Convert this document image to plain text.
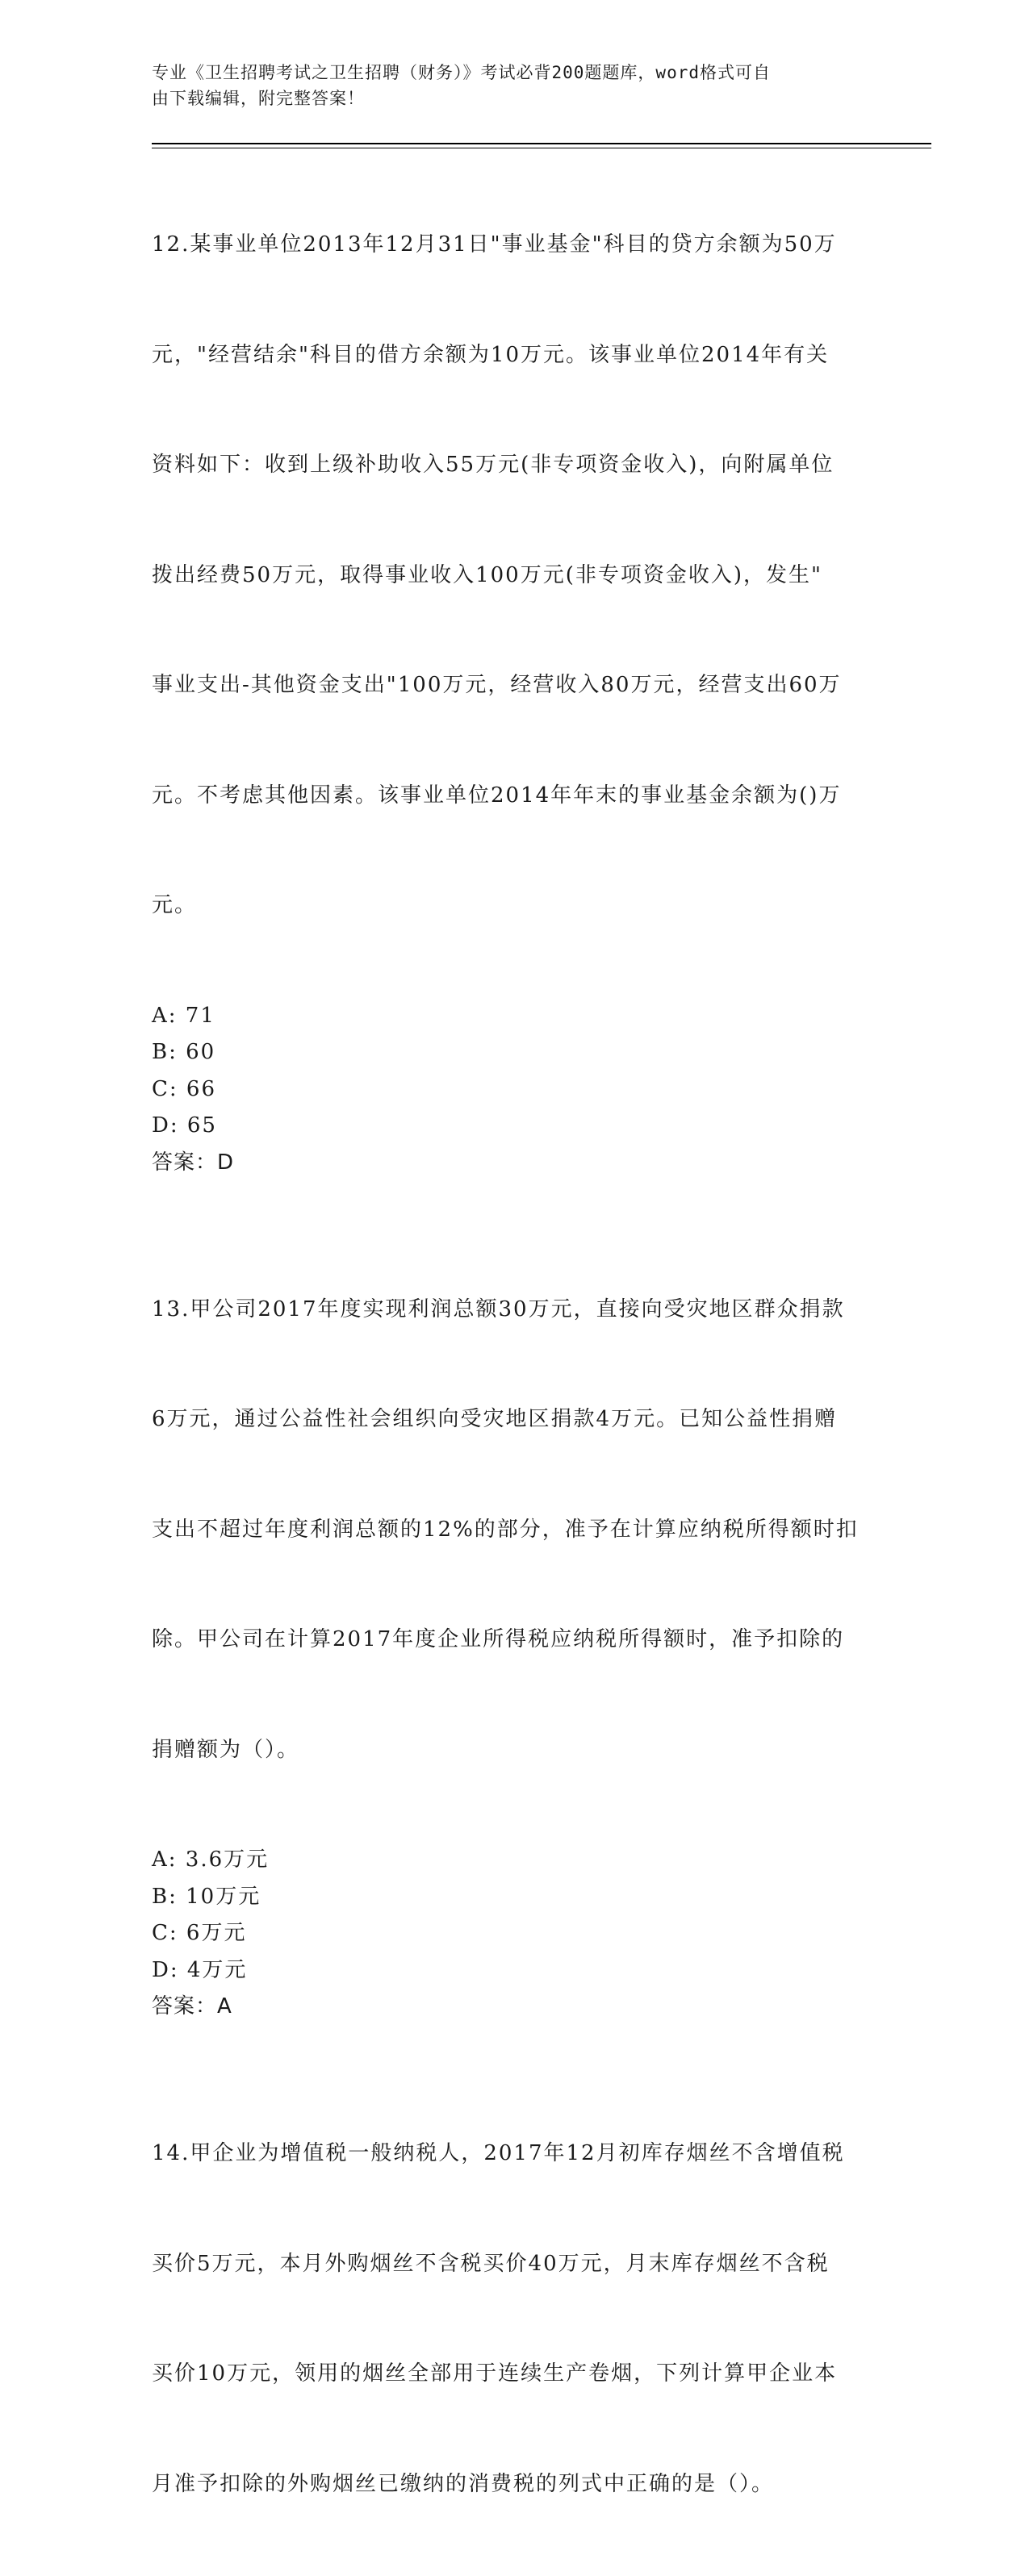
专业《卫生招聘考试之卫生招聘（财务）》考试必背200题题库，word格式可自
由下载编辑，附完整答案！

12.某事业单位2013年12月31日"事业基金"科目的贷方余额为50万

元，"经营结余"科目的借方余额为10万元。该事业单位2014年有关

资料如下：收到上级补助收入55万元(非专项资金收入)，向附属单位

拨出经费50万元，取得事业收入100万元(非专项资金收入)，发生"

事业支出-其他资金支出"100万元，经营收入80万元，经营支出60万

元。不考虑其他因素。该事业单位2014年年末的事业基金余额为()万

元。

A: 71

B: 60

C: 66

D: 65

答案：D

13.甲公司2017年度实现利润总额30万元，直接向受灾地区群众捐款

6万元，通过公益性社会组织向受灾地区捐款4万元。已知公益性捐赠

支出不超过年度利润总额的12%的部分，准予在计算应纳税所得额时扣

除。甲公司在计算2017年度企业所得税应纳税所得额时，准予扣除的

捐赠额为（）。

A: 3.6万元

B: 10万元

C: 6万元

D: 4万元

答案：A

14.甲企业为增值税一般纳税人，2017年12月初库存烟丝不含增值税

买价5万元，本月外购烟丝不含税买价40万元，月末库存烟丝不含税

买价10万元，领用的烟丝全部用于连续生产卷烟，下列计算甲企业本

月准予扣除的外购烟丝已缴纳的消费税的列式中正确的是（）。
